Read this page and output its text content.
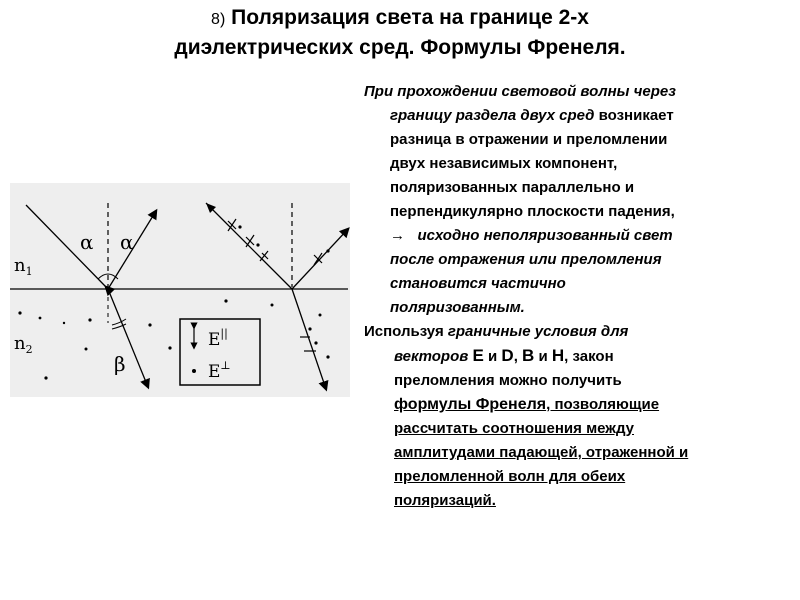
8) Поляризация света на границе 2-х
диэлектрических сред. Формулы Френеля.
α α
β
$n_1$
$n_2$	E||
E⊥

При прохождении световой волны через
границу раздела двух сред возникает
разница в отражении и преломлении
двух независимых компонент,
поляризованных параллельно и
перпендикулярно плоскости падения,
→   исходно неполяризованный свет
после отражения или преломления
становится частично
поляризованным.

Используя граничные условия для
векторов E и D, B и H, закон
преломления можно получить
формулы Френеля, позволяющие
рассчитать соотношения между
амплитудами падающей, отраженной и
преломленной волн для обеих
поляризаций.
